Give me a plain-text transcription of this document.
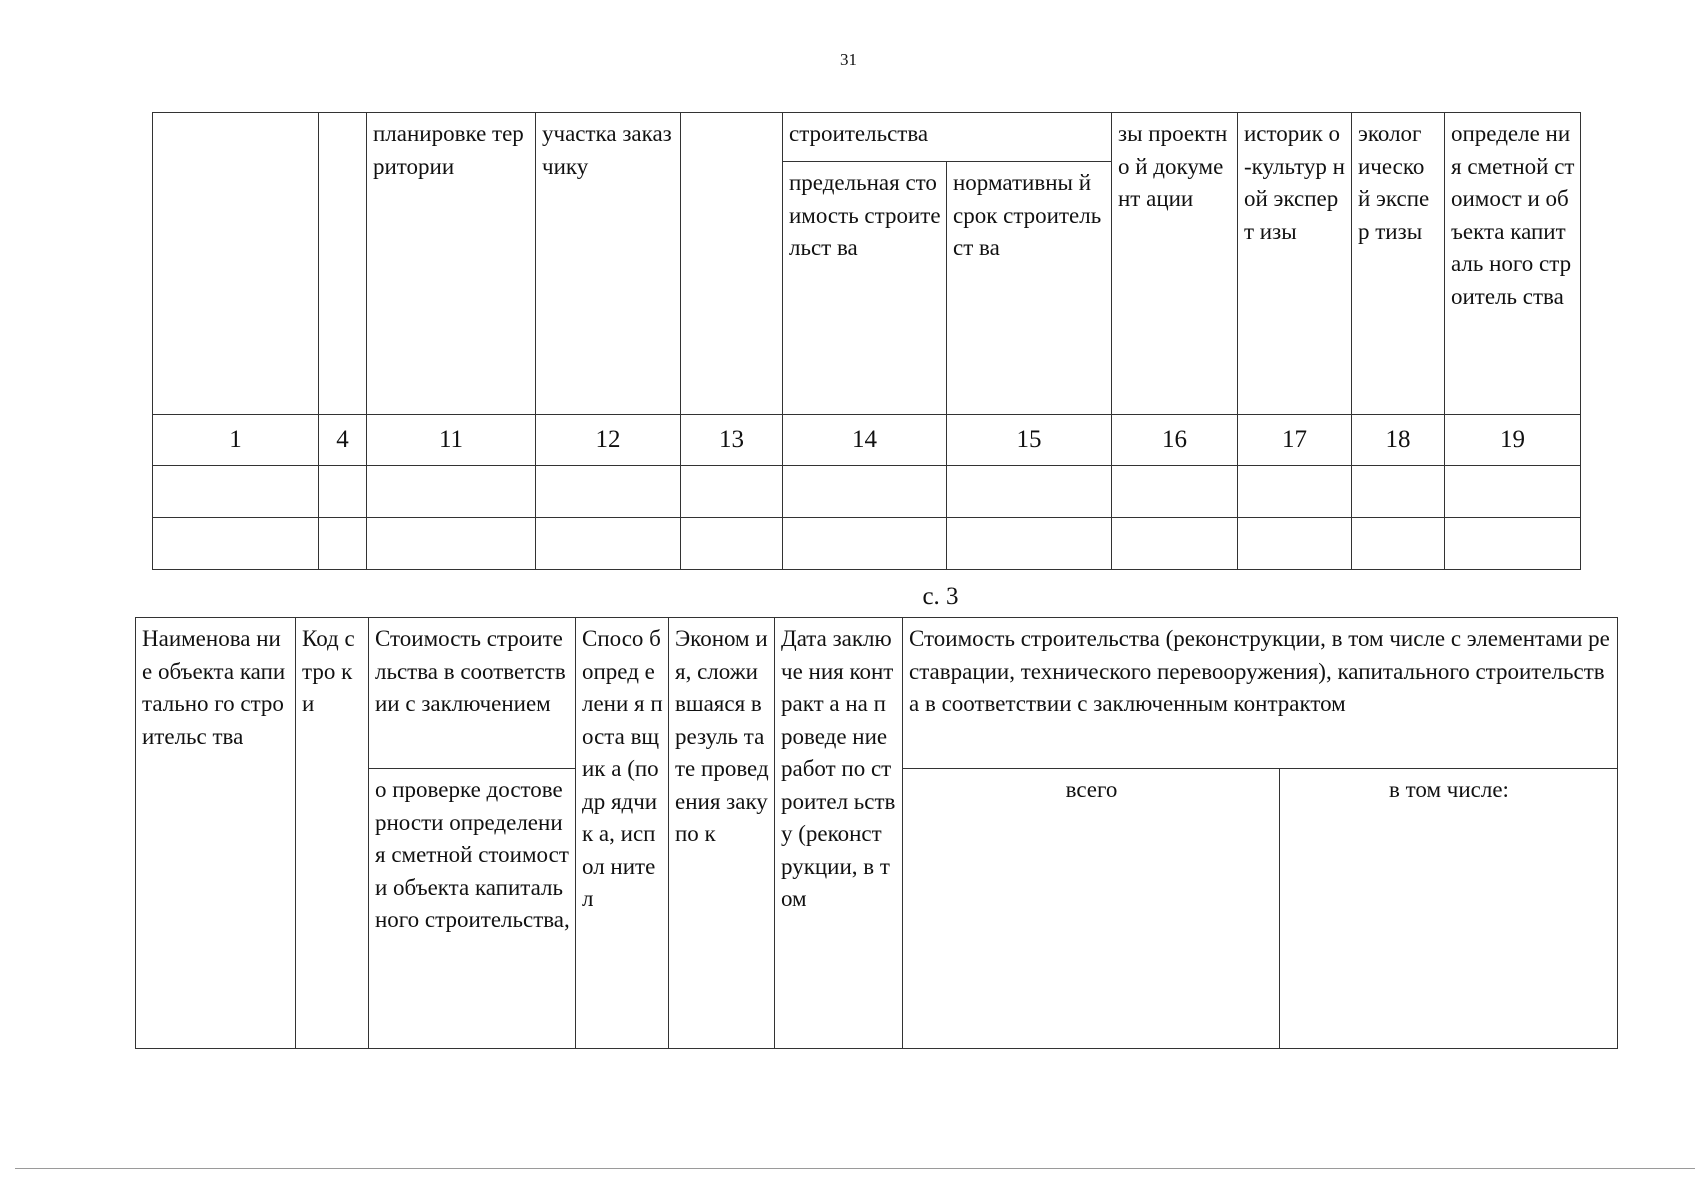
31
		планировке территории	участка заказчику		строительства		зы проектно й документ ации	историк о-культур ной эксперт изы	эколог ическо й экспер тизы	определе ния сметной стоимост и объекта капиталь ного строитель ства
					предельная стоимость строительст ва	нормативны й срок строительст ва				
1	4	11	12	13	14	15	16	17	18	19

с. 3
Наименова ние объекта капитально го строительс тва	Код стро ки	Стоимость строительства в соответствии с заключением	Спосо б опред елени я поста вщик а (подр ядчик а, испол нител	Эконом ия, сложи вшаяся в резуль тате провед ения закупо к	Дата заключе ния контракт а на проведе ние работ по строител ьству (реконст рукции, в том	Стоимость строительства (реконструкции, в том числе с элементами реставрации, технического перевооружения), капитального строительства в соответствии с заключенным контрактом	
		о проверке достоверности определения сметной стоимости объекта капитального строительства,				всего	в том числе:
